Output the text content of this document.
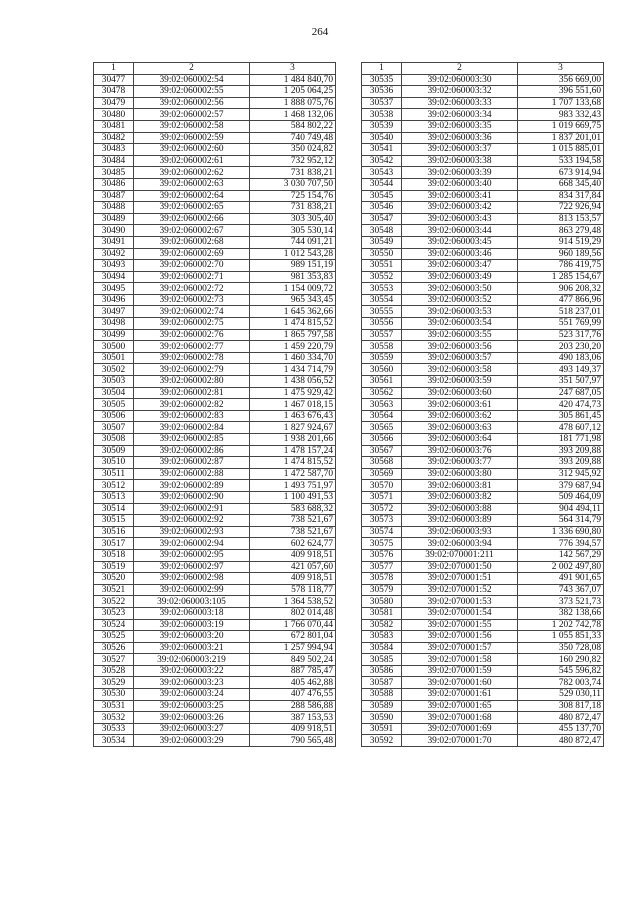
264
1	2	3
30477	39:02:060002:54	1 484 840,70
30478	39:02:060002:55	1 205 064,25
30479	39:02:060002:56	1 888 075,76
30480	39:02:060002:57	1 468 132,06
30481	39:02:060002:58	584 802,22
30482	39:02:060002:59	740 749,48
30483	39:02:060002:60	350 024,82
30484	39:02:060002:61	732 952,12
30485	39:02:060002:62	731 838,21
30486	39:02:060002:63	3 030 707,50
30487	39:02:060002:64	725 154,76
30488	39:02:060002:65	731 838,21
30489	39:02:060002:66	303 305,40
30490	39:02:060002:67	305 530,14
30491	39:02:060002:68	744 091,21
30492	39:02:060002:69	1 012 543,28
30493	39:02:060002:70	989 151,19
30494	39:02:060002:71	981 353,83
30495	39:02:060002:72	1 154 009,72
30496	39:02:060002:73	965 343,45
30497	39:02:060002:74	1 645 362,66
30498	39:02:060002:75	1 474 815,52
30499	39:02:060002:76	1 865 797,58
30500	39:02:060002:77	1 459 220,79
30501	39:02:060002:78	1 460 334,70
30502	39:02:060002:79	1 434 714,79
30503	39:02:060002:80	1 438 056,52
30504	39:02:060002:81	1 475 929,42
30505	39:02:060002:82	1 467 018,15
30506	39:02:060002:83	1 463 676,43
30507	39:02:060002:84	1 827 924,67
30508	39:02:060002:85	1 938 201,66
30509	39:02:060002:86	1 478 157,24
30510	39:02:060002:87	1 474 815,52
30511	39:02:060002:88	1 472 587,70
30512	39:02:060002:89	1 493 751,97
30513	39:02:060002:90	1 100 491,53
30514	39:02:060002:91	583 688,32
30515	39:02:060002:92	738 521,67
30516	39:02:060002:93	738 521,67
30517	39:02:060002:94	602 624,77
30518	39:02:060002:95	409 918,51
30519	39:02:060002:97	421 057,60
30520	39:02:060002:98	409 918,51
30521	39:02:060002:99	578 118,77
30522	39:02:060003:105	1 364 538,52
30523	39:02:060003:18	802 014,48
30524	39:02:060003:19	1 766 070,44
30525	39:02:060003:20	672 801,04
30526	39:02:060003:21	1 257 994,94
30527	39:02:060003:219	849 502,24
30528	39:02:060003:22	887 785,47
30529	39:02:060003:23	405 462,88
30530	39:02:060003:24	407 476,55
30531	39:02:060003:25	288 586,88
30532	39:02:060003:26	387 153,53
30533	39:02:060003:27	409 918,51
30534	39:02:060003:29	790 565,48
1	2	3
30535	39:02:060003:30	356 669,00
30536	39:02:060003:32	396 551,60
30537	39:02:060003:33	1 707 133,68
30538	39:02:060003:34	983 332,43
30539	39:02:060003:35	1 019 669,75
30540	39:02:060003:36	1 837 201,01
30541	39:02:060003:37	1 015 885,01
30542	39:02:060003:38	533 194,58
30543	39:02:060003:39	673 914,94
30544	39:02:060003:40	668 345,40
30545	39:02:060003:41	834 317,84
30546	39:02:060003:42	722 926,94
30547	39:02:060003:43	813 153,57
30548	39:02:060003:44	863 279,48
30549	39:02:060003:45	914 519,29
30550	39:02:060003:46	960 189,56
30551	39:02:060003:47	786 419,75
30552	39:02:060003:49	1 285 154,67
30553	39:02:060003:50	906 208,32
30554	39:02:060003:52	477 866,96
30555	39:02:060003:53	518 237,01
30556	39:02:060003:54	551 769,99
30557	39:02:060003:55	523 317,76
30558	39:02:060003:56	203 230,20
30559	39:02:060003:57	490 183,06
30560	39:02:060003:58	493 149,37
30561	39:02:060003:59	351 507,97
30562	39:02:060003:60	247 687,05
30563	39:02:060003:61	420 474,73
30564	39:02:060003:62	305 861,45
30565	39:02:060003:63	478 607,12
30566	39:02:060003:64	181 771,98
30567	39:02:060003:76	393 209,88
30568	39:02:060003:77	393 209,88
30569	39:02:060003:80	312 945,92
30570	39:02:060003:81	379 687,94
30571	39:02:060003:82	509 464,09
30572	39:02:060003:88	904 494,11
30573	39:02:060003:89	564 314,79
30574	39:02:060003:93	1 336 690,80
30575	39:02:060003:94	776 394,57
30576	39:02:070001:211	142 567,29
30577	39:02:070001:50	2 002 497,80
30578	39:02:070001:51	491 901,65
30579	39:02:070001:52	743 367,07
30580	39:02:070001:53	373 521,73
30581	39:02:070001:54	382 138,66
30582	39:02:070001:55	1 202 742,78
30583	39:02:070001:56	1 055 851,33
30584	39:02:070001:57	350 728,08
30585	39:02:070001:58	160 290,82
30586	39:02:070001:59	545 596,82
30587	39:02:070001:60	782 003,74
30588	39:02:070001:61	529 030,11
30589	39:02:070001:65	308 817,18
30590	39:02:070001:68	480 872,47
30591	39:02:070001:69	455 137,70
30592	39:02:070001:70	480 872,47
